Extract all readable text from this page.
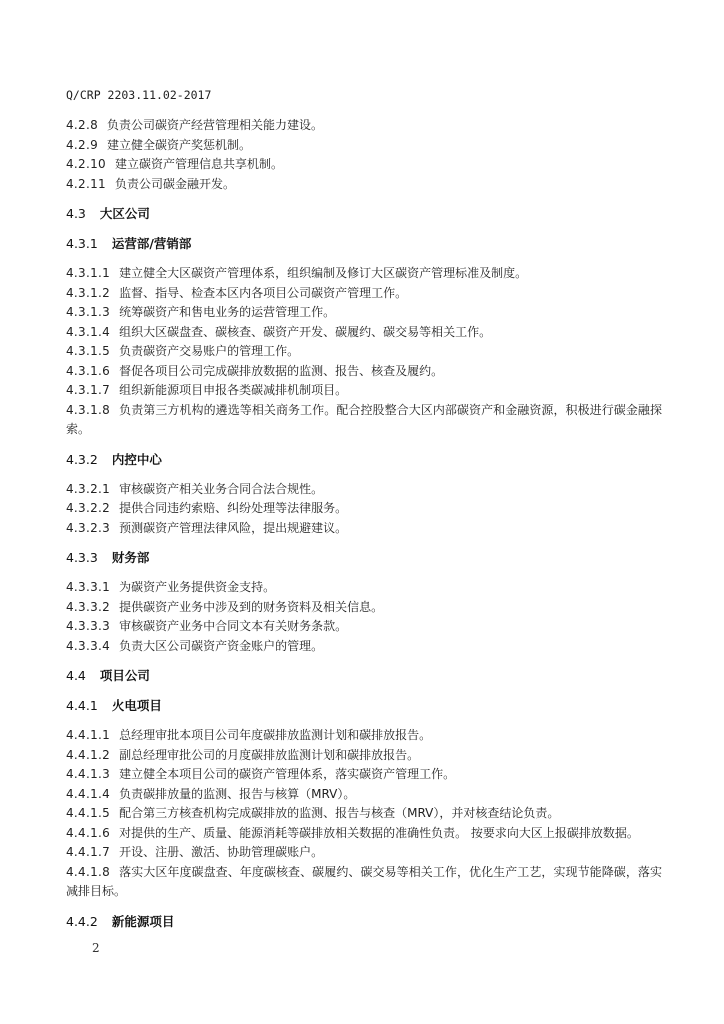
Q/CRP 2203.11.02-2017
4.2.8 负责公司碳资产经营管理相关能力建设。
4.2.9 建立健全碳资产奖惩机制。
4.2.10 建立碳资产管理信息共享机制。
4.2.11 负责公司碳金融开发。
4.3 大区公司
4.3.1 运营部/营销部
4.3.1.1 建立健全大区碳资产管理体系，组织编制及修订大区碳资产管理标准及制度。
4.3.1.2 监督、指导、检查本区内各项目公司碳资产管理工作。
4.3.1.3 统筹碳资产和售电业务的运营管理工作。
4.3.1.4 组织大区碳盘查、碳核查、碳资产开发、碳履约、碳交易等相关工作。
4.3.1.5 负责碳资产交易账户的管理工作。
4.3.1.6 督促各项目公司完成碳排放数据的监测、报告、核查及履约。
4.3.1.7 组织新能源项目申报各类碳减排机制项目。
4.3.1.8 负责第三方机构的遴选等相关商务工作。配合控股整合大区内部碳资产和金融资源，积极进行碳金融探索。
4.3.2 内控中心
4.3.2.1 审核碳资产相关业务合同合法合规性。
4.3.2.2 提供合同违约索赔、纠纷处理等法律服务。
4.3.2.3 预测碳资产管理法律风险，提出规避建议。
4.3.3 财务部
4.3.3.1 为碳资产业务提供资金支持。
4.3.3.2 提供碳资产业务中涉及到的财务资料及相关信息。
4.3.3.3 审核碳资产业务中合同文本有关财务条款。
4.3.3.4 负责大区公司碳资产资金账户的管理。
4.4 项目公司
4.4.1 火电项目
4.4.1.1 总经理审批本项目公司年度碳排放监测计划和碳排放报告。
4.4.1.2 副总经理审批公司的月度碳排放监测计划和碳排放报告。
4.4.1.3 建立健全本项目公司的碳资产管理体系，落实碳资产管理工作。
4.4.1.4 负责碳排放量的监测、报告与核算（MRV）。
4.4.1.5 配合第三方核查机构完成碳排放的监测、报告与核查（MRV），并对核查结论负责。
4.4.1.6 对提供的生产、质量、能源消耗等碳排放相关数据的准确性负责。 按要求向大区上报碳排放数据。
4.4.1.7 开设、注册、激活、协助管理碳账户。
4.4.1.8 落实大区年度碳盘查、年度碳核查、碳履约、碳交易等相关工作，优化生产工艺，实现节能降碳，落实减排目标。
4.4.2 新能源项目
2
